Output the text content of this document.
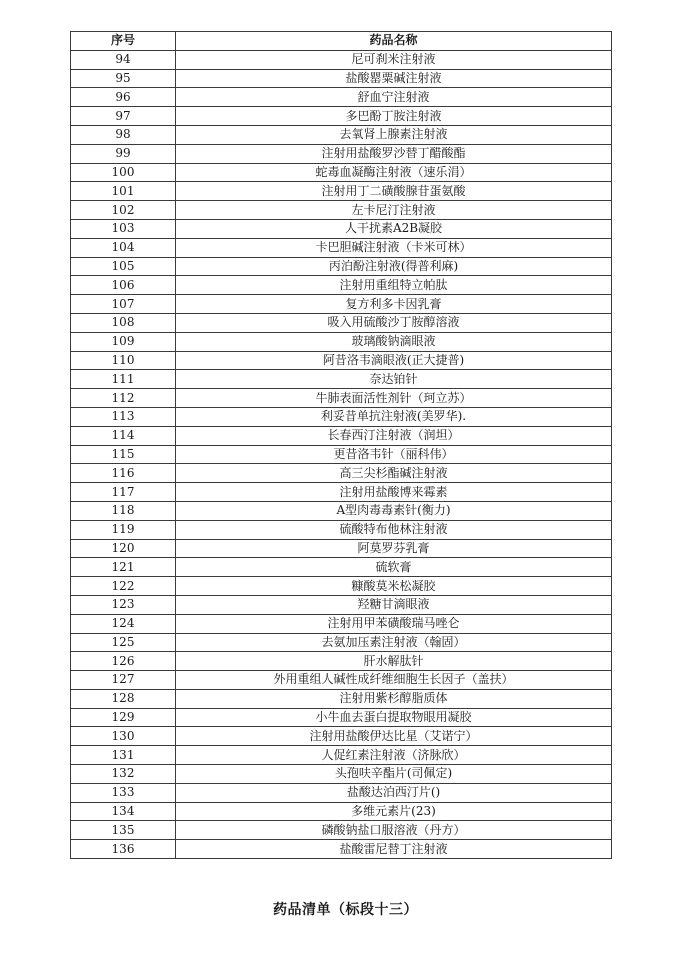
序号	药品名称
94	尼可刹米注射液
95	盐酸罂粟碱注射液
96	舒血宁注射液
97	多巴酚丁胺注射液
98	去氧肾上腺素注射液
99	注射用盐酸罗沙替丁醋酸酯
100	蛇毒血凝酶注射液（速乐涓）
101	注射用丁二磺酸腺苷蛋氨酸
102	左卡尼汀注射液
103	人干扰素A2B凝胶
104	卡巴胆碱注射液（卡米可林）
105	丙泊酚注射液(得普利麻)
106	注射用重组特立帕肽
107	复方利多卡因乳膏
108	吸入用硫酸沙丁胺醇溶液
109	玻璃酸钠滴眼液
110	阿昔洛韦滴眼液(正大捷普)
111	奈达铂针
112	牛肺表面活性剂针（珂立苏）
113	利妥昔单抗注射液(美罗华).
114	长春西汀注射液（润坦）
115	更昔洛韦针（丽科伟）
116	高三尖杉酯碱注射液
117	注射用盐酸博来霉素
118	A型肉毒毒素针(衡力)
119	硫酸特布他林注射液
120	阿莫罗芬乳膏
121	硫软膏
122	糠酸莫米松凝胶
123	羟糖甘滴眼液
124	注射用甲苯磺酸瑞马唑仑
125	去氨加压素注射液（翰固）
126	肝水解肽针
127	外用重组人碱性成纤维细胞生长因子（盖扶）
128	注射用紫杉醇脂质体
129	小牛血去蛋白提取物眼用凝胶
130	注射用盐酸伊达比星（艾诺宁）
131	人促红素注射液（济脉欣）
132	头孢呋辛酯片(司佩定)
133	盐酸达泊西汀片()
134	多维元素片(23)
135	磷酸钠盐口服溶液（丹方）
136	盐酸雷尼替丁注射液
药品清单（标段十三）
